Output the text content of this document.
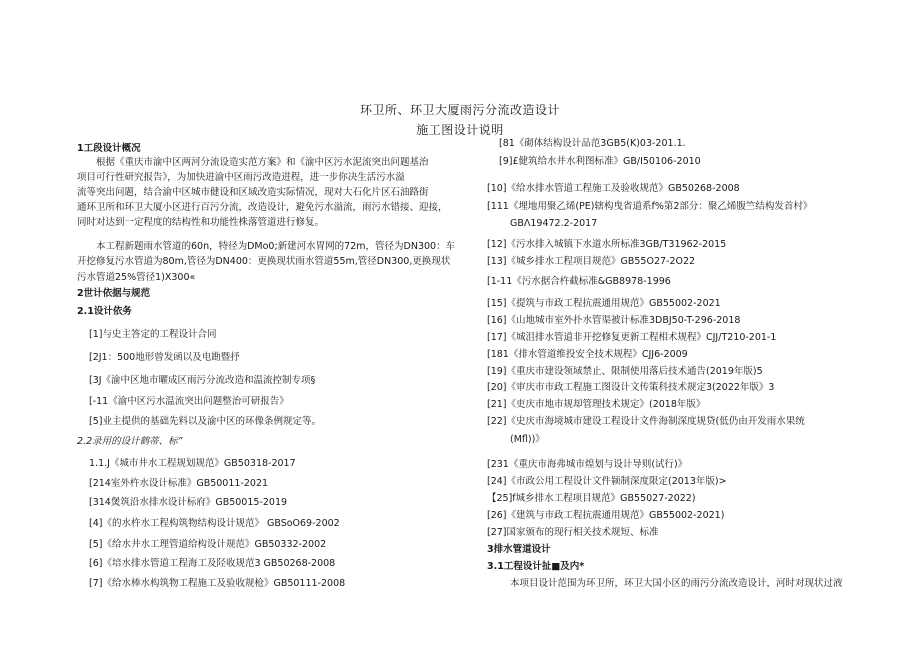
环卫所、环卫大厦雨污分流改造设计
施工图设计说明
1工段设计概况
根据《重庆市渝中区两河分流设造实范方案》和《渝中区污水泥流突出问题基治
项目可行性研究报告》，为加快进渝中区雨污改造进程，进一步你决生活污水溢
流等突出问题，结合渝中区城市健设和区域改造实际情况，现对大石化片区石油路街
通环卫所和环卫大厦小区进行百污分流，改造设计，避免污水溢流，雨污水错接、迎接，
同时对达到一定程度的结构性和功能性株落管道进行修复。
本工程新题雨水管道的60n，特径为DMo0;新建河水胃网的72m，管径为DN300：车
开挖修复污水管道为80m,管径为DN400：更换现状雨水管道55m,管径DN300,更换现状
污水管道25%管径1)X300«
2世计依据与规范
2.1设计依务
[1]与史主答定的工程设计合同
[2J1：500地形曾发函以及电勘暨抒
[3J《渝中区地市曜成区雨污分流改造和温流控制专项§
[-11《渝中区污水温流突出问题整治可研报告》
[5]业主提供的基础先料以及渝中区的环像条例规定等。
2.2录用的设计鹤蒂、标”
1.1.J《城市井水工程规划规范》GB50318-2017
[214室外杵水设计标准》GB50011-2021
[314煲筑沿水排水设计标府》GB50015-2019
[4]《的水杵水工程构筑物结构设计规范》 GBSoO69-2002
[5]《给水井水工理管道给构设计规范》GB50332-2002
[6]《培水排水管道工程海工及陉收规范3 GB50268-2008
[7]《给水棒水构筑物工程施工及验收规枪》GB50111-2008
[81《砌体结构设计品范3GB5(K)03-201.1.
[9]£健筑给水井水利图标准》GB/I50106-2010
[10]《给水排水管道工程施工及验收规范》GB50268-2008
[111《埋地用聚乙烯(PE)辖构曳省道系f%第2部分：聚乙烯腹竺结构发首村》
GBΛ19472.2-2017
[12]《污水排入城镇下水道水所标准3GB/T31962-2015
[13]《城乡排水工程项目规范》GB55O27-2O22
[1-11《污水据合杵截标准&GB8978-1996
[15]《提筑与市政工程抗震通用规范》GB55002-2021
[16]《山地城市室外扑水管渠被计标准3DBJ50-T-296-2018
[17]《城沮排水管道非开挖修复更新工程相术规程》CJJ/T210-201-1
[181《排水管道维投安全技术规程》CJJ6-2009
[19]《重庆市建设领域禁止、限制使用落后技术通告(2019年版)5
[20]《审庆市市政工程施工图设计文传策科技术规定3(2022年版》3
[21]《吏庆市地市规却管理技术规定》(2018年版》
[22]《史庆市海境城市建设工程设计文件海制深度规贷(低仍由开发雨水果统
(Mfl))》
[231《重庆市海弗城市煌划与设计导则(试行)》
[24]《市政公用工程设计文件颍制深度限定(2013年版)>
【25]f城乡排水工程项目规范》GB55027-2022)
[26]《建筑与市政工程抗震通用规范》GB55002-2021)
[27]国家颁布的现行相关技术规短、标准
3排水管道设计
3.1工程设计扯■及内*
本项目设计范围为环卫所，环卫大国小区的雨污分流改造设计，河时对现状过液
